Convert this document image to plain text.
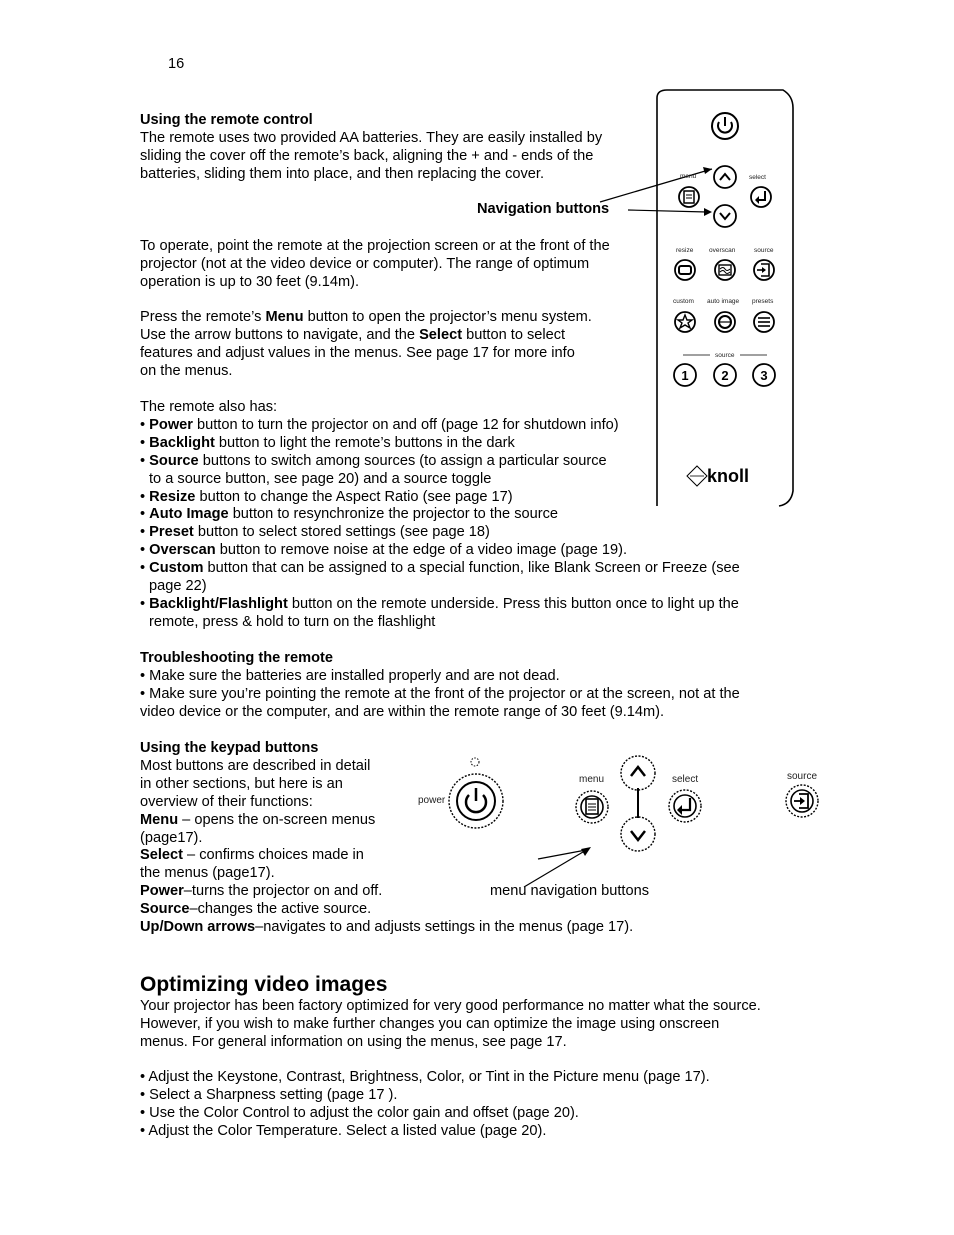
16
Using the remote control
The remote uses two provided AA batteries. They are easily installed by
sliding the cover off the remote’s back, aligning the + and - ends of the
batteries, sliding them into place, and then replacing the cover.
Navigation buttons
To operate, point the remote at the projection screen or at the front of the
projector (not at the video device or computer). The range of optimum
operation is up to 30 feet (9.14m).
Press the remote’s Menu button to open the projector’s menu system.
Use the arrow buttons to navigate, and the Select button to select
features and adjust values in the menus. See page 17 for more info
on the menus.
The remote also has:
• Power button to turn the projector on and off (page 12 for shutdown info)
• Backlight button to light the remote’s buttons in the dark
• Source buttons to switch among sources (to assign a particular source
to a source button, see page 20) and a source toggle
• Resize button to change the Aspect Ratio (see page 17)
• Auto Image button to resynchronize the projector to the source
• Preset button to select stored settings (see page 18)
• Overscan button to remove noise at the edge of a video image (page 19).
• Custom button that can be assigned to a special function, like Blank Screen or Freeze (see
page 22)
• Backlight/Flashlight button on the remote underside. Press this button once to light up the
remote, press & hold to turn on the flashlight
menu	select
resize overscan	source
custom auto image presets
source
1	2 3
knoll
Troubleshooting the remote
• Make sure the batteries are installed properly and are not dead.
• Make sure you’re pointing the remote at the front of the projector or at the screen, not at the
video device or the computer, and are within the remote range of 30 feet (9.14m).
Using the keypad buttons
Most buttons are described in detail
in other sections, but here is an
overview of their functions:
Menu – opens the on-screen menus
(page17).
Select – confirms choices made in
the menus (page17).
Power–turns the projector on and off.
Source–changes the active source.
Up/Down arrows–navigates to and adjusts settings in the menus (page 17).
power
menu	select	source
menu navigation buttons
Optimizing video images
Your projector has been factory optimized for very good performance no matter what the source.
However, if you wish to make further changes you can optimize the image using onscreen
menus. For general information on using the menus, see page 17.
• Adjust the Keystone, Contrast, Brightness, Color, or Tint in the Picture menu (page 17).
• Select a Sharpness setting (page 17 ).
• Use the Color Control to adjust the color gain and offset (page 20).
• Adjust the Color Temperature. Select a listed value (page 20).
